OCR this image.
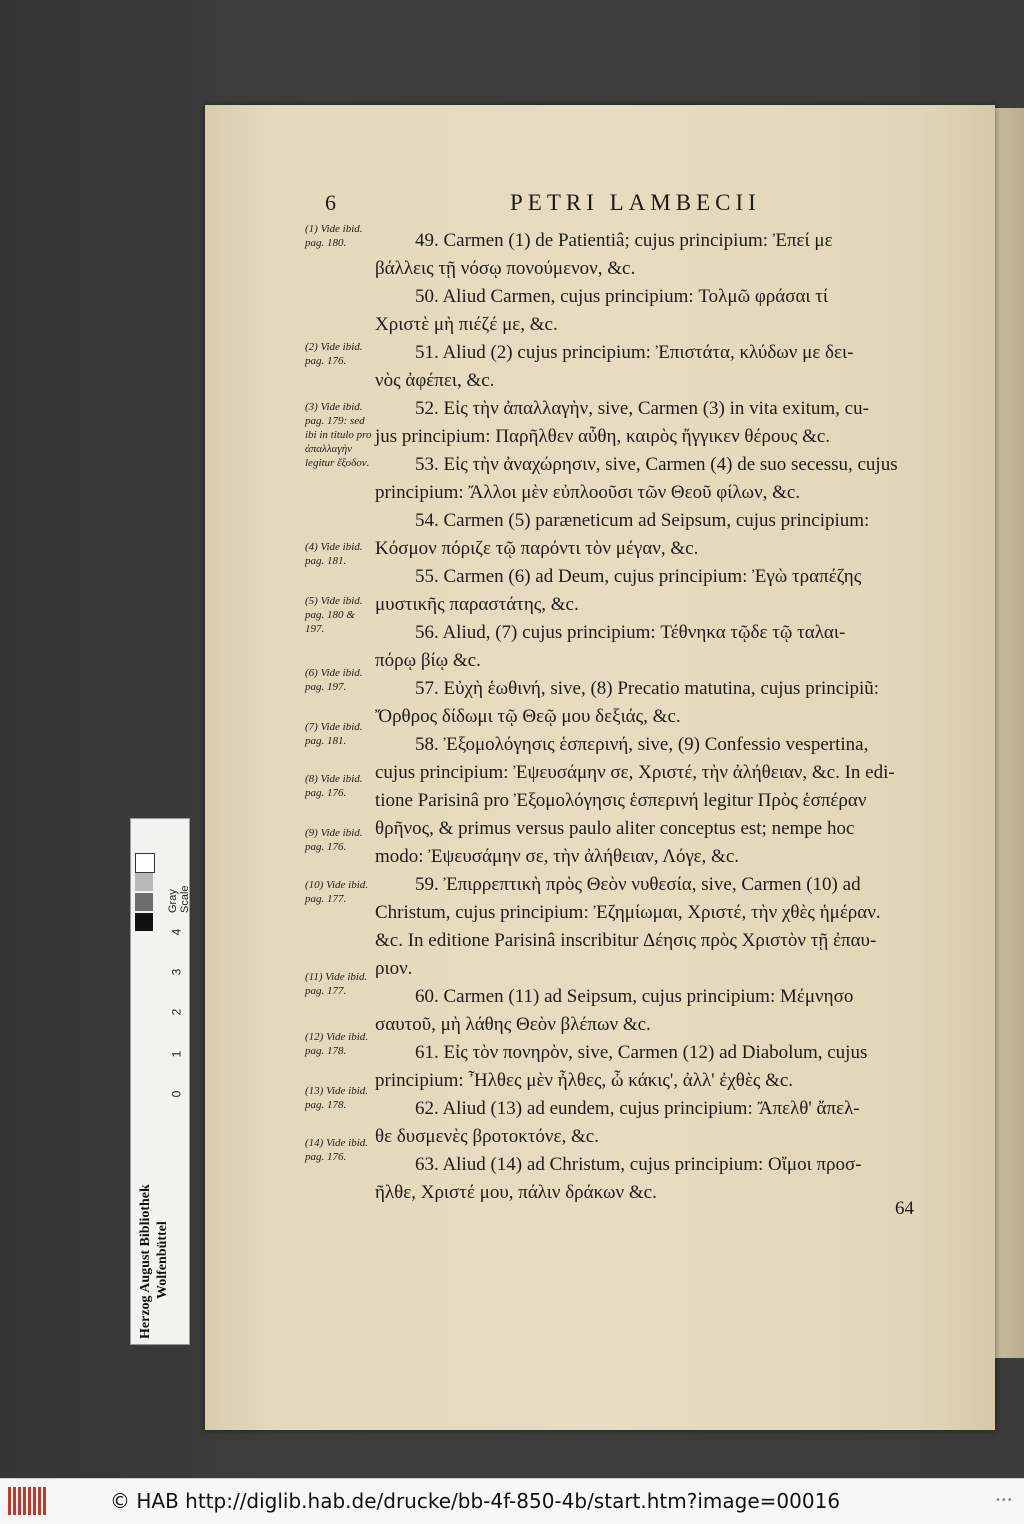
6	PETRI LAMBECII
(1) Vide ibid. pag. 180.
(2) Vide ibid. pag. 176.
(3) Vide ibid. pag. 179: sed ibi in titulo pro ἀπαλλαγὴν legitur ἔξοδον.
(4) Vide ibid. pag. 181.
(5) Vide ibid. pag. 180 & 197.
(6) Vide ibid. pag. 197.
(7) Vide ibid. pag. 181.
(8) Vide ibid. pag. 176.
(9) Vide ibid. pag. 176.
(10) Vide ibid. pag. 177.
(11) Vide ibid. pag. 177.
(12) Vide ibid. pag. 178.
(13) Vide ibid. pag. 178.
(14) Vide ibid. pag. 176.
49. Carmen (1) de Patientiâ; cujus principium: Ἐπεί με
βάλλεις τῇ νόσῳ πονούμενον, &c.
50. Aliud Carmen, cujus principium: Τολμῶ φράσαι τί
Χριστὲ μὴ πιέζέ με, &c.
51. Aliud (2) cujus principium: Ἐπιστάτα, κλύδων με δει-
νὸς ἀφέπει, &c.
52. Εἰς τὴν ἀπαλλαγὴν, sive, Carmen (3) in vita exitum, cu-
jus principium: Παρῆλθεν αὖθη, καιρὸς ἤγγικεν θέρους &c.
53. Εἰς τὴν ἀναχώρησιν, sive, Carmen (4) de suo secessu, cujus
principium: Ἄλλοι μὲν εὐπλοοῦσι τῶν Θεοῦ φίλων, &c.
54. Carmen (5) paræneticum ad Seipsum, cujus principium:
Κόσμον πόριζε τῷ παρόντι τὸν μέγαν, &c.
55. Carmen (6) ad Deum, cujus principium: Ἐγὼ τραπέζης
μυστικῆς παραστάτης, &c.
56. Aliud, (7) cujus principium: Τέθνηκα τῷδε τῷ ταλαι-
πόρῳ βίῳ &c.
57. Εὐχὴ ἑωθινή, sive, (8) Precatio matutina, cujus principiũ:
Ὄρθρος δίδωμι τῷ Θεῷ μου δεξιάς, &c.
58. Ἐξομολόγησις ἑσπερινή, sive, (9) Confessio vespertina,
cujus principium: Ἐψευσάμην σε, Χριστέ, τὴν ἀλήθειαν, &c. In edi-
tione Parisinâ pro Ἐξομολόγησις ἑσπερινή legitur Πρὸς ἑσπέραν
θρῆνος, & primus versus paulo aliter conceptus est; nempe hoc
modo: Ἐψευσάμην σε, τὴν ἀλήθειαν, Λόγε, &c.
59. Ἐπιρρεπτικὴ πρὸς Θεὸν νυθεσία, sive, Carmen (10) ad
Christum, cujus principium: Ἐζημίωμαι, Χριστέ, τὴν χθὲς ἡμέραν.
&c. In editione Parisinâ inscribitur Δέησις πρὸς Χριστὸν τῇ ἐπαυ-
ριον.
60. Carmen (11) ad Seipsum, cujus principium: Μέμνησο
σαυτοῦ, μὴ λάθης Θεὸν βλέπων &c.
61. Εἰς τὸν πονηρὸν, sive, Carmen (12) ad Diabolum, cujus
principium: Ἦλθες μὲν ἦλθες, ὦ κάκις', ἀλλ' ἐχθὲς &c.
62. Aliud (13) ad eundem, cujus principium: Ἄπελθ' ἄπελ-
θε δυσμενὲς βροτοκτόνε, &c.
63. Aliud (14) ad Christum, cujus principium: Οἴμοι προσ-
ῆλθε, Χριστέ μου, πάλιν δράκων &c.
64
Gray Scale
4
3
2
1
0
Herzog August Bibliothek Wolfenbüttel
© HAB http://diglib.hab.de/drucke/bb-4f-850-4b/start.htm?image=00016	•••
